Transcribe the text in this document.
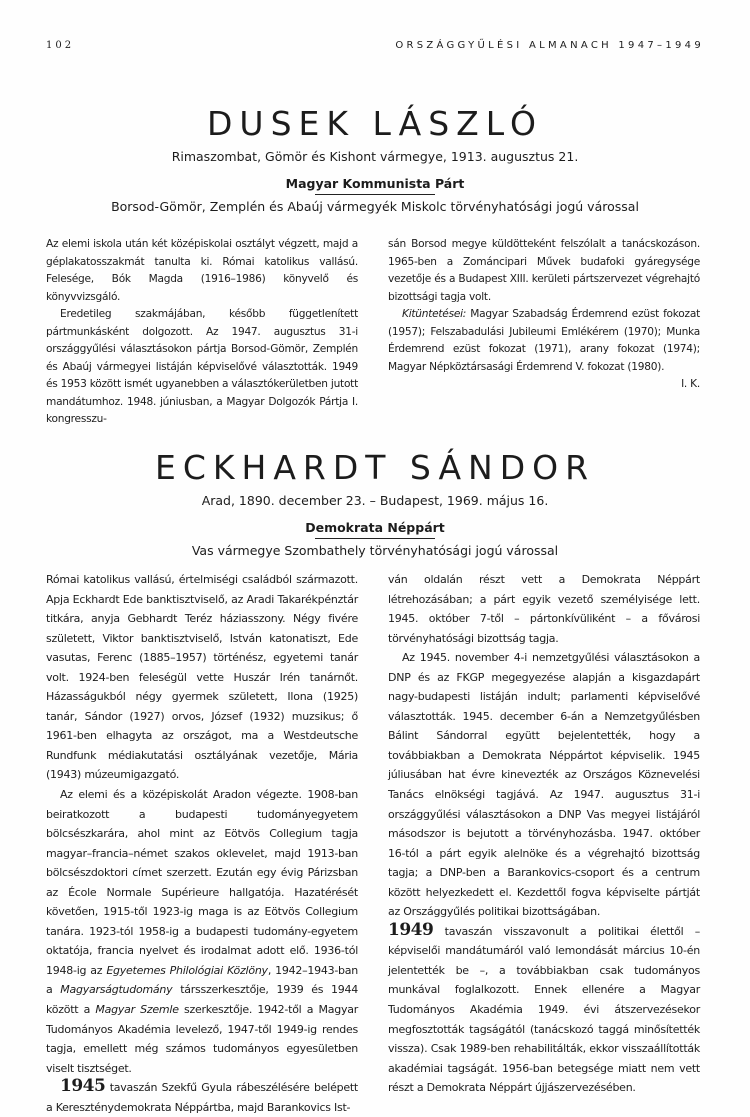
102	ORSZÁGGYŰLÉSI ALMANACH 1947–1949
DUSEK LÁSZLÓ
Rimaszombat, Gömör és Kishont vármegye, 1913. augusztus 21.
Magyar Kommunista Párt
Borsod-Gömör, Zemplén és Abaúj vármegyék Miskolc törvényhatósági jogú várossal

Az elemi iskola után két középiskolai osztályt végzett, majd a géplakatosszakmát tanulta ki. Római katolikus vallású. Felesége, Bók Magda (1916–1986) könyvelő és könyvvizsgáló.

Eredetileg szakmájában, később függetlenített pártmunkásként dolgozott. Az 1947. augusztus 31-i országgyűlési választásokon pártja Borsod-Gömör, Zemplén és Abaúj vármegyei listáján képviselővé választották. 1949 és 1953 között ismét ugyanebben a választókerületben jutott mandátumhoz. 1948. júniusban, a Magyar Dolgozók Pártja I. kongresszu-

sán Borsod megye küldötteként felszólalt a tanácskozáson. 1965-ben a Zománcipari Művek budafoki gyáregysége vezetője és a Budapest XIII. kerületi pártszervezet végrehajtó bizottsági tagja volt.

Kitüntetései: Magyar Szabadság Érdemrend ezüst fokozat (1957); Felszabadulási Jubileumi Emlékérem (1970); Munka Érdemrend ezüst fokozat (1971), arany fokozat (1974); Magyar Népköztársasági Érdemrend V. fokozat (1980).

I. K.

ECKHARDT SÁNDOR
Arad, 1890. december 23. – Budapest, 1969. május 16.
Demokrata Néppárt
Vas vármegye Szombathely törvényhatósági jogú várossal

Római katolikus vallású, értelmiségi családból származott. Apja Eckhardt Ede banktisztviselő, az Aradi Takarékpénztár titkára, anyja Gebhardt Teréz háziasszony. Négy fivére született, Viktor banktisztviselő, István katonatiszt, Ede vasutas, Ferenc (1885–1957) történész, egyetemi tanár volt. 1924-ben feleségül vette Huszár Irén tanárnőt. Házasságukból négy gyermek született, Ilona (1925) tanár, Sándor (1927) orvos, József (1932) muzsikus; ő 1961-ben elhagyta az országot, ma a Westdeutsche Rundfunk médiakutatási osztályának vezetője, Mária (1943) múzeumigazgató.

Az elemi és a középiskolát Aradon végezte. 1908-ban beiratkozott a budapesti tudományegyetem bölcsészkarára, ahol mint az Eötvös Collegium tagja magyar–francia–német szakos oklevelet, majd 1913-ban bölcsészdoktori címet szerzett. Ezután egy évig Párizsban az École Normale Supérieure hallgatója. Hazatérését követően, 1915-től 1923-ig maga is az Eötvös Collegium tanára. 1923-tól 1958-ig a budapesti tudomány-egyetem oktatója, francia nyelvet és irodalmat adott elő. 1936-tól 1948-ig az Egyetemes Philológiai Közlöny, 1942–1943-ban a Magyarságtudomány társszerkesztője, 1939 és 1944 között a Magyar Szemle szerkesztője. 1942-től a Magyar Tudományos Akadémia levelező, 1947-től 1949-ig rendes tagja, emellett még számos tudományos egyesületben viselt tisztséget.

1945 tavaszán Szekfű Gyula rábeszélésére belépett a Kereszténydemokrata Néppártba, majd Barankovics Ist-

ván oldalán részt vett a Demokrata Néppárt létrehozásában; a párt egyik vezető személyisége lett. 1945. október 7-től – pártonkívüliként – a fővárosi törvényhatósági bizottság tagja.

Az 1945. november 4-i nemzetgyűlési választásokon a DNP és az FKGP megegyezése alapján a kisgazdapárt nagy-budapesti listáján indult; parlamenti képviselővé választották. 1945. december 6-án a Nemzetgyűlésben Bálint Sándorral együtt bejelentették, hogy a továbbiakban a Demokrata Néppártot képviselik. 1945 júliusában hat évre kinevezték az Országos Köznevelési Tanács elnökségi tagjává. Az 1947. augusztus 31-i országgyűlési választásokon a DNP Vas megyei listájáról másodszor is bejutott a törvényhozásba. 1947. október 16-tól a párt egyik alelnöke és a végrehajtó bizottság tagja; a DNP-ben a Barankovics-csoport és a centrum között helyezkedett el. Kezdettől fogva képviselte pártját az Országgyűlés politikai bizottságában.

1949 tavaszán visszavonult a politikai élettől – képviselői mandátumáról való lemondását március 10-én jelentették be –, a továbbiakban csak tudományos munkával foglalkozott. Ennek ellenére a Magyar Tudományos Akadémia 1949. évi átszervezésekor megfosztották tagságától (tanácskozó taggá minősítették vissza). Csak 1989-ben rehabilitálták, ekkor visszaállították akadémiai tagságát. 1956-ban betegsége miatt nem vett részt a Demokrata Néppárt újjászervezésében.
